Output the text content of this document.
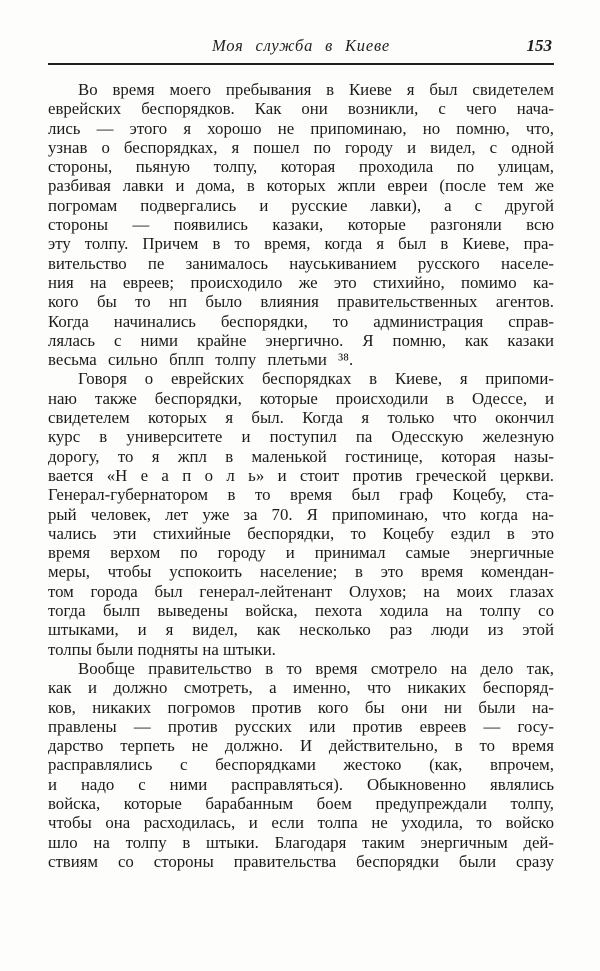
Моя служба в Киеве	153
Во время моего пребывания в Киеве я был свидетелем
еврейских беспорядков. Как они возникли, с чего нача-
лись — этого я хорошо не припоминаю, но помню, что,
узнав о беспорядках, я пошел по городу и видел, с одной
стороны, пьяную толпу, которая проходила по улицам,
разбивая лавки и дома, в которых жпли евреи (после тем же
погромам подвергались и русские лавки), а с другой
стороны — появились казаки, которые разгоняли всю
эту толпу. Причем в то время, когда я был в Киеве, пра-
вительство пе занималось науськиванием русского населе-
ния на евреев; происходило же это стихийно, помимо ка-
кого бы то нп было влияния правительственных агентов.
Когда начинались беспорядки, то администрация справ-
лялась с ними крайне энергично. Я помню, как казаки
весьма сильно бплп толпу плетьми ³⁸.
Говоря о еврейских беспорядках в Киеве, я припоми-
наю также беспорядки, которые происходили в Одессе, и
свидетелем которых я был. Когда я только что окончил
курс в университете и поступил па Одесскую железную
дорогу, то я жпл в маленькой гостинице, которая назы-
вается «Н е а п о л ь» и стоит против греческой церкви.
Генерал-губернатором в то время был граф Коцебу, ста-
рый человек, лет уже за 70. Я припоминаю, что когда на-
чались эти стихийные беспорядки, то Коцебу ездил в это
время верхом по городу и принимал самые энергичные
меры, чтобы успокоить население; в это время комендан-
том города был генерал-лейтенант Олухов; на моих глазах
тогда былп выведены войска, пехота ходила на толпу со
штыками, и я видел, как несколько раз люди из этой
толпы были подняты на штыки.
Вообще правительство в то время смотрело на дело так,
как и должно смотреть, а именно, что никаких беспоряд-
ков, никаких погромов против кого бы они ни были на-
правлены — против русских или против евреев — госу-
дарство терпеть не должно. И действительно, в то время
расправлялись с беспорядками жестоко (как, впрочем,
и надо с ними расправляться). Обыкновенно являлись
войска, которые барабанным боем предупреждали толпу,
чтобы она расходилась, и если толпа не уходила, то войско
шло на толпу в штыки. Благодаря таким энергичным дей-
ствиям со стороны правительства беспорядки были сразу
